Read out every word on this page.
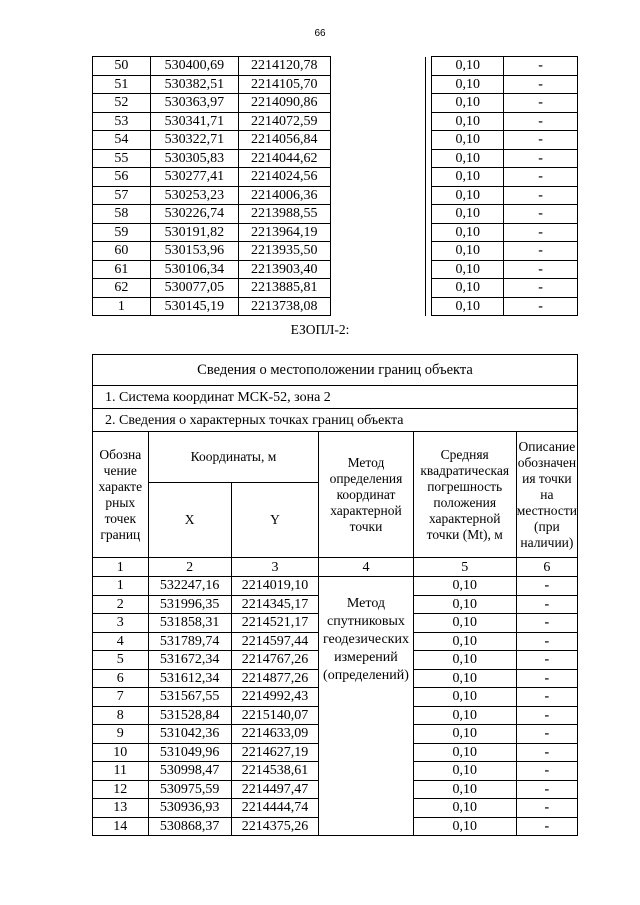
66
50	530400,69	2214120,78			0,10	-
51	530382,51	2214105,70			0,10	-
52	530363,97	2214090,86			0,10	-
53	530341,71	2214072,59			0,10	-
54	530322,71	2214056,84			0,10	-
55	530305,83	2214044,62			0,10	-
56	530277,41	2214024,56			0,10	-
57	530253,23	2214006,36			0,10	-
58	530226,74	2213988,55			0,10	-
59	530191,82	2213964,19			0,10	-
60	530153,96	2213935,50			0,10	-
61	530106,34	2213903,40			0,10	-
62	530077,05	2213885,81			0,10	-
1	530145,19	2213738,08			0,10	-
ЕЗОПЛ-2:
Сведения о местоположении границ объекта					
1. Система координат МСК-52, зона 2					
2. Сведения о характерных точках границ объекта					
Обозна чение характе рных точек границ	Координаты, м		Метод определения координат характерной точки	Средняя квадратическая погрешность положения характерной точки (Mt), м	Описание обозначен ия точки на местности (при наличии)
	X	Y			
1	2	3	4	5	6
1	532247,16	2214019,10	Метод спутниковых геодезических измерений (определений)	0,10	-
2	531996,35	2214345,17		0,10	-
3	531858,31	2214521,17		0,10	-
4	531789,74	2214597,44		0,10	-
5	531672,34	2214767,26		0,10	-
6	531612,34	2214877,26		0,10	-
7	531567,55	2214992,43		0,10	-
8	531528,84	2215140,07		0,10	-
9	531042,36	2214633,09		0,10	-
10	531049,96	2214627,19		0,10	-
11	530998,47	2214538,61		0,10	-
12	530975,59	2214497,47		0,10	-
13	530936,93	2214444,74		0,10	-
14	530868,37	2214375,26		0,10	-
